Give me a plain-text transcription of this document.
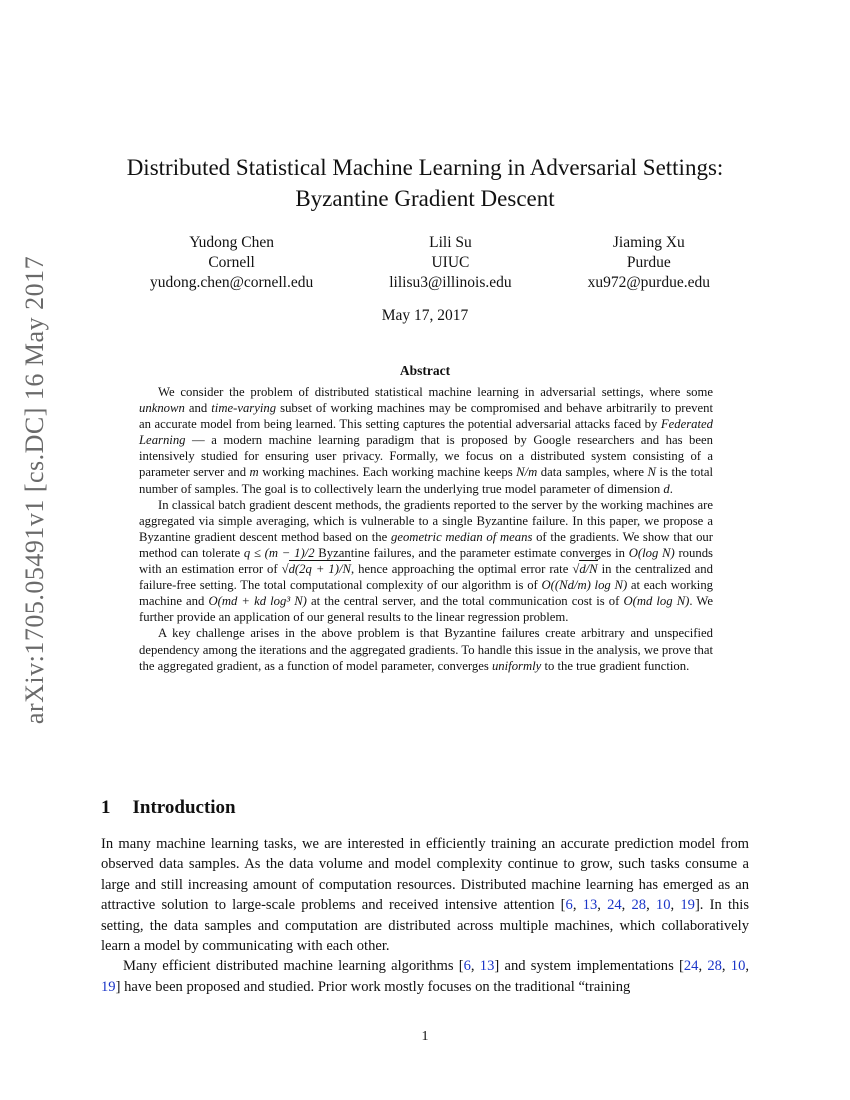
arXiv:1705.05491v1 [cs.DC] 16 May 2017
Distributed Statistical Machine Learning in Adversarial Settings:
Byzantine Gradient Descent
Yudong Chen
Cornell
yudong.chen@cornell.edu
Lili Su
UIUC
lilisu3@illinois.edu
Jiaming Xu
Purdue
xu972@purdue.edu
May 17, 2017
Abstract

We consider the problem of distributed statistical machine learning in adversarial settings, where some unknown and time-varying subset of working machines may be compromised and behave arbitrarily to prevent an accurate model from being learned. This setting captures the potential adversarial attacks faced by Federated Learning — a modern machine learning paradigm that is proposed by Google researchers and has been intensively studied for ensuring user privacy. Formally, we focus on a distributed system consisting of a parameter server and m working machines. Each working machine keeps N/m data samples, where N is the total number of samples. The goal is to collectively learn the underlying true model parameter of dimension d.

In classical batch gradient descent methods, the gradients reported to the server by the working machines are aggregated via simple averaging, which is vulnerable to a single Byzantine failure. In this paper, we propose a Byzantine gradient descent method based on the geometric median of means of the gradients. We show that our method can tolerate q ≤ (m − 1)/2 Byzantine failures, and the parameter estimate converges in O(log N) rounds with an estimation error of √d(2q + 1)/N, hence approaching the optimal error rate √d/N in the centralized and failure-free setting. The total computational complexity of our algorithm is of O((Nd/m) log N) at each working machine and O(md + kd log³ N) at the central server, and the total communication cost is of O(md log N). We further provide an application of our general results to the linear regression problem.

A key challenge arises in the above problem is that Byzantine failures create arbitrary and unspecified dependency among the iterations and the aggregated gradients. To handle this issue in the analysis, we prove that the aggregated gradient, as a function of model parameter, converges uniformly to the true gradient function.

1 Introduction

In many machine learning tasks, we are interested in efficiently training an accurate prediction model from observed data samples. As the data volume and model complexity continue to grow, such tasks consume a large and still increasing amount of computation resources. Distributed machine learning has emerged as an attractive solution to large-scale problems and received intensive attention [6, 13, 24, 28, 10, 19]. In this setting, the data samples and computation are distributed across multiple machines, which collaboratively learn a model by communicating with each other.

Many efficient distributed machine learning algorithms [6, 13] and system implementations [24, 28, 10, 19] have been proposed and studied. Prior work mostly focuses on the traditional “training

1
